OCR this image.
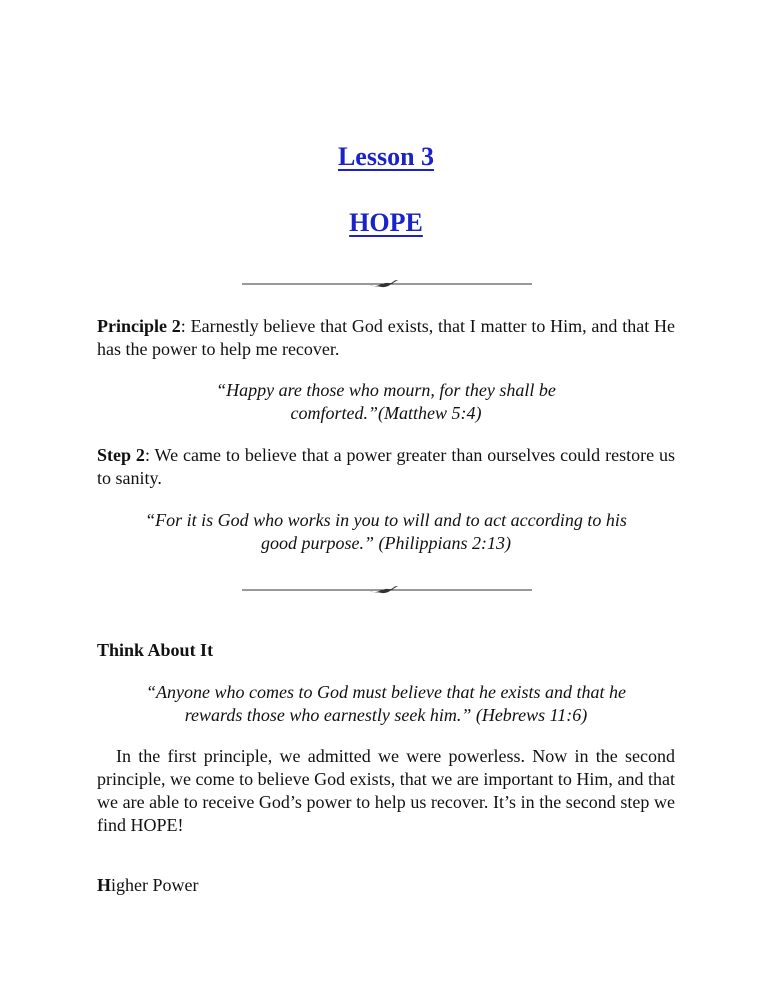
Lesson 3
HOPE

Principle 2: Earnestly believe that God exists, that I matter to Him, and that He has the power to help me recover.

“Happy are those who mourn, for they shall be
comforted.”(Matthew 5:4)

Step 2: We came to believe that a power greater than ourselves could restore us to sanity.

“For it is God who works in you to will and to act according to his
good purpose.” (Philippians 2:13)

Think About It

“Anyone who comes to God must believe that he exists and that he
rewards those who earnestly seek him.” (Hebrews 11:6)

In the first principle, we admitted we were powerless. Now in the second principle, we come to believe God exists, that we are important to Him, and that we are able to receive God’s power to help us recover. It’s in the second step we find HOPE!

Higher Power
